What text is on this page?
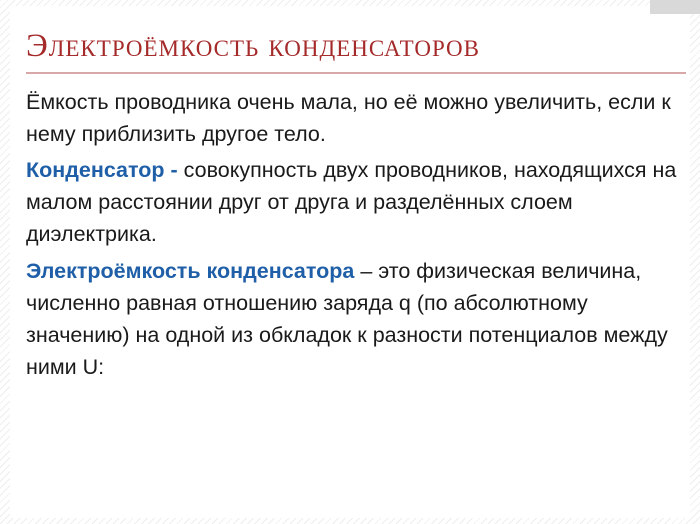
Электроёмкость конденсаторов
Ёмкость проводника очень мала, но её можно увеличить, если к нему приблизить другое тело.
Конденсатор - совокупность двух проводников, находящихся на малом расстоянии друг от друга и разделённых слоем диэлектрика.
Электроёмкость конденсатора – это физическая величина, численно равная отношению заряда q (по абсолютному значению) на одной из обкладок к разности потенциалов между ними U:
